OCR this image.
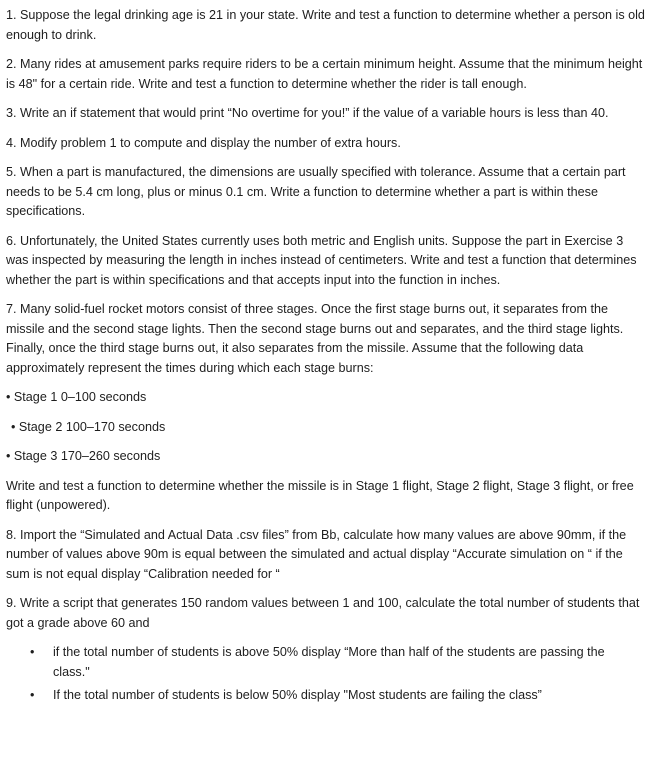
1. Suppose the legal drinking age is 21 in your state. Write and test a function to determine whether a person is old enough to drink.

2. Many rides at amusement parks require riders to be a certain minimum height. Assume that the minimum height is 48" for a certain ride. Write and test a function to determine whether the rider is tall enough.

3. Write an if statement that would print “No overtime for you!” if the value of a variable hours is less than 40.

4. Modify problem 1 to compute and display the number of extra hours.

5. When a part is manufactured, the dimensions are usually specified with tolerance. Assume that a certain part needs to be 5.4 cm long, plus or minus 0.1 cm. Write a function to determine whether a part is within these specifications.

6. Unfortunately, the United States currently uses both metric and English units. Suppose the part in Exercise 3 was inspected by measuring the length in inches instead of centimeters. Write and test a function that determines whether the part is within specifications and that accepts input into the function in inches.

7. Many solid-fuel rocket motors consist of three stages. Once the first stage burns out, it separates from the missile and the second stage lights. Then the second stage burns out and separates, and the third stage lights. Finally, once the third stage burns out, it also separates from the missile. Assume that the following data approximately represent the times during which each stage burns:

• Stage 1 0–100 seconds

• Stage 2 100–170 seconds

• Stage 3 170–260 seconds

Write and test a function to determine whether the missile is in Stage 1 flight, Stage 2 flight, Stage 3 flight, or free flight (unpowered).

8. Import the “Simulated and Actual Data .csv files” from Bb, calculate how many values are above 90mm, if the number of values above 90m is equal between the simulated and actual display “Accurate simulation on “ if the sum is not equal display “Calibration needed for “

9. Write a script that generates 150 random values between 1 and 100, calculate the total number of students that got a grade above 60 and

• if the total number of students is above 50% display “More than half of the students are passing the class."
• If the total number of students is below 50% display "Most students are failing the class”
